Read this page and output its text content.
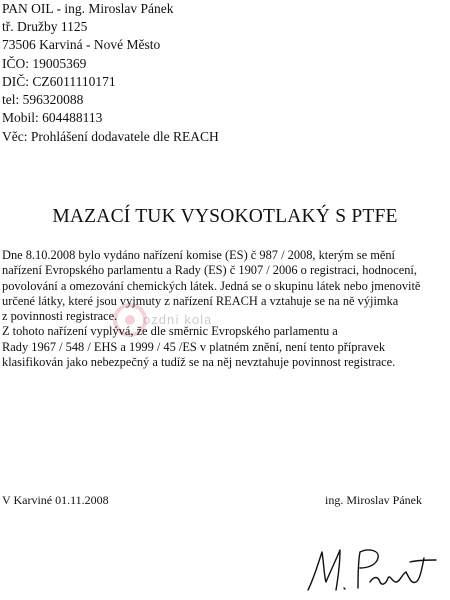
PAN OIL - ing. Miroslav Pánek
tř. Družby 1125
73506 Karviná - Nové Město
IČO: 19005369
DIČ: CZ6011110171
tel: 596320088
Mobil: 604488113
Věc: Prohlášení dodavatele dle REACH
MAZACÍ TUK VYSOKOTLAKÝ S PTFE
ozdní kola
Dne 8.10.2008 bylo vydáno nařízení komise (ES) č 987 / 2008, kterým se mění
nařízení Evropského parlamentu a Rady (ES) č 1907 / 2006 o registraci, hodnocení,
povolování a omezování chemických látek. Jedná se o skupinu látek nebo jmenovitě
určené látky, které jsou vyjmuty z nařízení REACH a vztahuje se na ně výjimka
z povinnosti registrace.
Z tohoto nařízení vyplývá, že dle směrnic Evropského parlamentu a
Rady 1967 / 548 / EHS a 1999 / 45 /ES v platném znění, není tento přípravek
klasifikován jako nebezpečný a tudíž se na něj nevztahuje povinnost registrace.
V Karviné 01.11.2008	ing. Miroslav Pánek
